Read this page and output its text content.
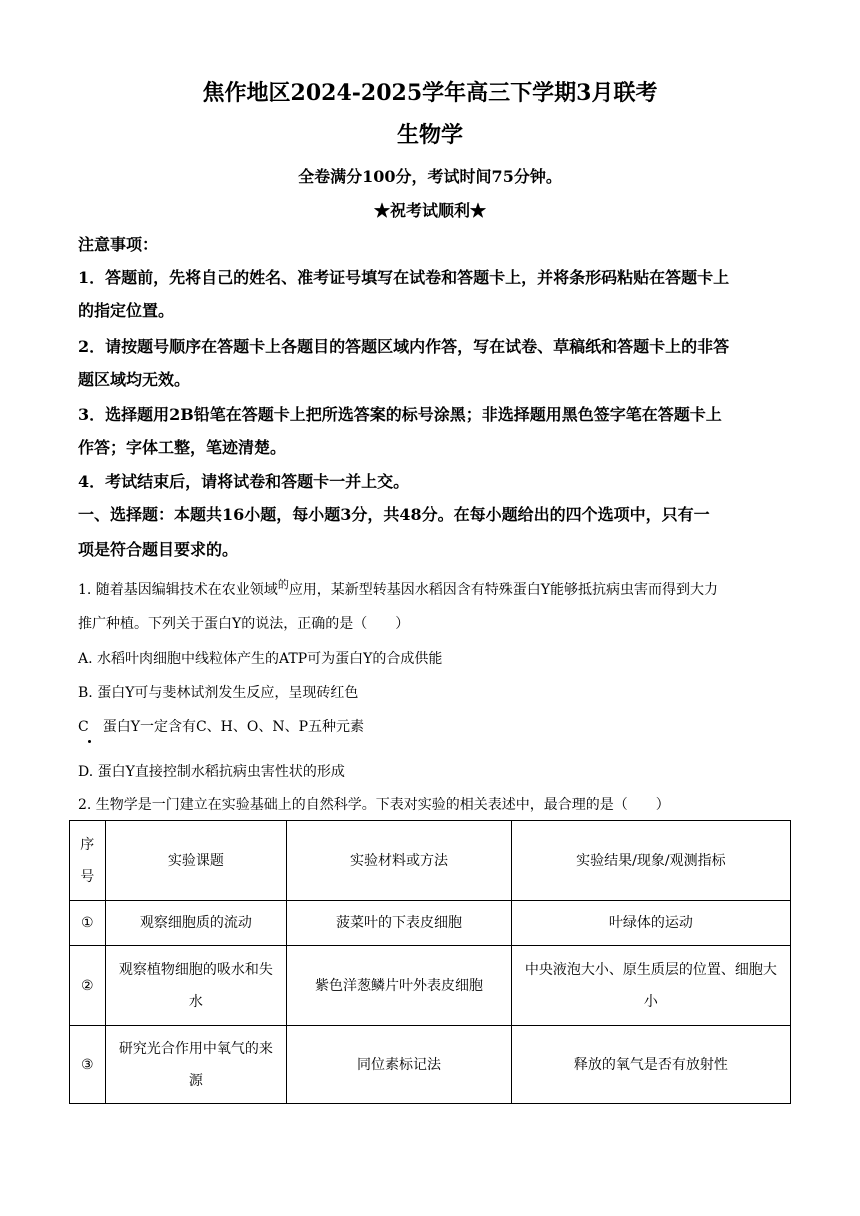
焦作地区2024-2025学年高三下学期3月联考
生物学
全卷满分100分，考试时间75分钟。
★祝考试顺利★
注意事项：
1．答题前，先将自己的姓名、准考证号填写在试卷和答题卡上，并将条形码粘贴在答题卡上
的指定位置。
2．请按题号顺序在答题卡上各题目的答题区域内作答，写在试卷、草稿纸和答题卡上的非答
题区域均无效。
3．选择题用2B铅笔在答题卡上把所选答案的标号涂黑；非选择题用黑色签字笔在答题卡上
作答；字体工整，笔迹清楚。
4．考试结束后，请将试卷和答题卡一并上交。
一、选择题：本题共16小题，每小题3分，共48分。在每小题给出的四个选项中，只有一
项是符合题目要求的。
1. 随着基因编辑技术在农业领域$^的$应用，某新型转基因水稻因含有特殊蛋白Y能够抵抗病虫害而得到大力
推广种植。下列关于蛋白Y的说法，正确的是（　　）
A. 水稻叶肉细胞中线粒体产生的ATP可为蛋白Y的合成供能
B. 蛋白Y可与斐林试剂发生反应，呈现砖红色
C　蛋白Y一定含有C、H、O、N、P五种元素
D. 蛋白Y直接控制水稻抗病虫害性状的形成
2. 生物学是一门建立在实验基础上的自然科学。下表对实验的相关表述中，最合理的是（　　）
序号	实验课题	实验材料或方法	实验结果/现象/观测指标
①	观察细胞质的流动	菠菜叶的下表皮细胞	叶绿体的运动
②	观察植物细胞的吸水和失水	紫色洋葱鳞片叶外表皮细胞	中央液泡大小、原生质层的位置、细胞大小

③	研究光合作用中氧气的来源	同位素标记法	释放的氧气是否有放射性
